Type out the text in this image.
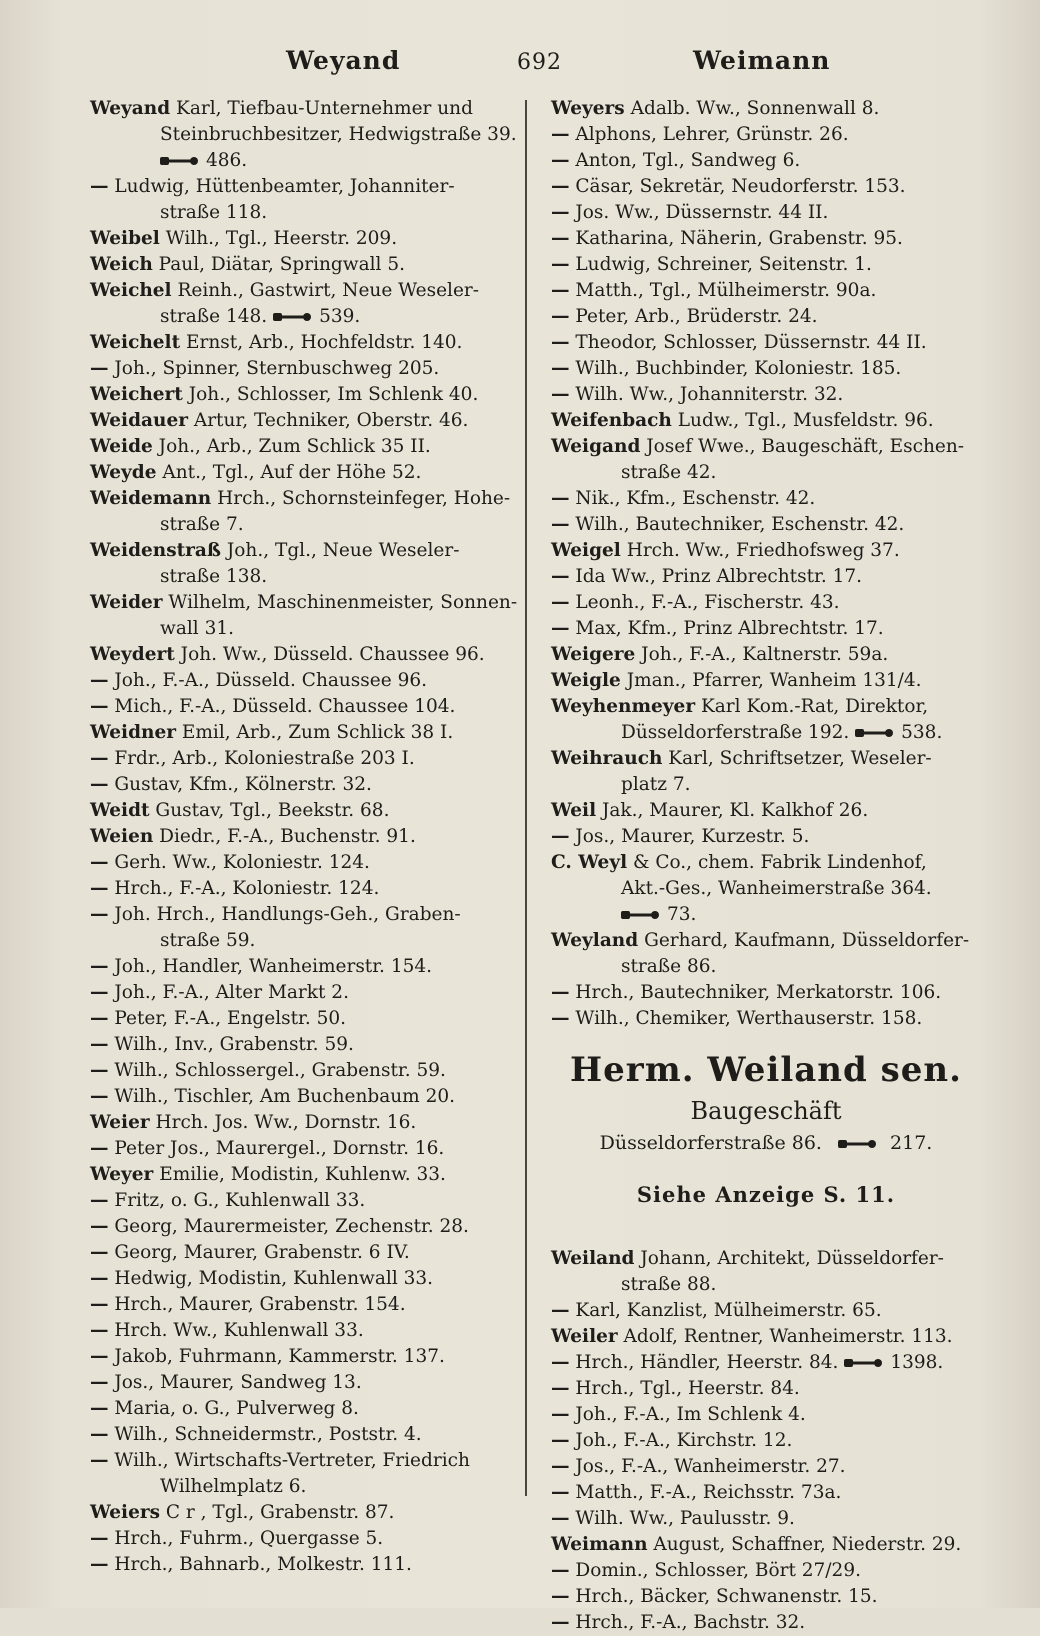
Weyand	692	Weimann
Weyand Karl, Tiefbau-Unternehmer und
Steinbruchbesitzer, Hedwigstraße 39.
486.
— Ludwig, Hüttenbeamter, Johanniter-
straße 118.
Weibel Wilh., Tgl., Heerstr. 209.
Weich Paul, Diätar, Springwall 5.
Weichel Reinh., Gastwirt, Neue Weseler-
straße 148.	539.
Weichelt Ernst, Arb., Hochfeldstr. 140.
— Joh., Spinner, Sternbuschweg 205.
Weichert Joh., Schlosser, Im Schlenk 40.
Weidauer Artur, Techniker, Oberstr. 46.
Weide Joh., Arb., Zum Schlick 35 II.
Weyde Ant., Tgl., Auf der Höhe 52.
Weidemann Hrch., Schornsteinfeger, Hohe-
straße 7.
Weidenstraß Joh., Tgl., Neue Weseler-
straße 138.
Weider Wilhelm, Maschinenmeister, Sonnen-
wall 31.
Weydert Joh. Ww., Düsseld. Chaussee 96.
— Joh., F.-A., Düsseld. Chaussee 96.
— Mich., F.-A., Düsseld. Chaussee 104.
Weidner Emil, Arb., Zum Schlick 38 I.
— Frdr., Arb., Koloniestraße 203 I.
— Gustav, Kfm., Kölnerstr. 32.
Weidt Gustav, Tgl., Beekstr. 68.
Weien Diedr., F.-A., Buchenstr. 91.
— Gerh. Ww., Koloniestr. 124.
— Hrch., F.-A., Koloniestr. 124.
— Joh. Hrch., Handlungs-Geh., Graben-
straße 59.
— Joh., Handler, Wanheimerstr. 154.
— Joh., F.-A., Alter Markt 2.
— Peter, F.-A., Engelstr. 50.
— Wilh., Inv., Grabenstr. 59.
— Wilh., Schlossergel., Grabenstr. 59.
— Wilh., Tischler, Am Buchenbaum 20.
Weier Hrch. Jos. Ww., Dornstr. 16.
— Peter Jos., Maurergel., Dornstr. 16.
Weyer Emilie, Modistin, Kuhlenw. 33.
— Fritz, o. G., Kuhlenwall 33.
— Georg, Maurermeister, Zechenstr. 28.
— Georg, Maurer, Grabenstr. 6 IV.
— Hedwig, Modistin, Kuhlenwall 33.
— Hrch., Maurer, Grabenstr. 154.
— Hrch. Ww., Kuhlenwall 33.
— Jakob, Fuhrmann, Kammerstr. 137.
— Jos., Maurer, Sandweg 13.
— Maria, o. G., Pulverweg 8.
— Wilh., Schneidermstr., Poststr. 4.
— Wilh., Wirtschafts-Vertreter, Friedrich
Wilhelmplatz 6.
Weiers C r , Tgl., Grabenstr. 87.
— Hrch., Fuhrm., Quergasse 5.
— Hrch., Bahnarb., Molkestr. 111.
Weyers Adalb. Ww., Sonnenwall 8.
— Alphons, Lehrer, Grünstr. 26.
— Anton, Tgl., Sandweg 6.
— Cäsar, Sekretär, Neudorferstr. 153.
— Jos. Ww., Düssernstr. 44 II.
— Katharina, Näherin, Grabenstr. 95.
— Ludwig, Schreiner, Seitenstr. 1.
— Matth., Tgl., Mülheimerstr. 90a.
— Peter, Arb., Brüderstr. 24.
— Theodor, Schlosser, Düssernstr. 44 II.
— Wilh., Buchbinder, Koloniestr. 185.
— Wilh. Ww., Johanniterstr. 32.
Weifenbach Ludw., Tgl., Musfeldstr. 96.
Weigand Josef Wwe., Baugeschäft, Eschen-
straße 42.
— Nik., Kfm., Eschenstr. 42.
— Wilh., Bautechniker, Eschenstr. 42.
Weigel Hrch. Ww., Friedhofsweg 37.
— Ida Ww., Prinz Albrechtstr. 17.
— Leonh., F.-A., Fischerstr. 43.
— Max, Kfm., Prinz Albrechtstr. 17.
Weigere Joh., F.-A., Kaltnerstr. 59a.
Weigle Jman., Pfarrer, Wanheim 131/4.
Weyhenmeyer Karl Kom.-Rat, Direktor,
Düsseldorferstraße 192.	538.
Weihrauch Karl, Schriftsetzer, Weseler-
platz 7.
Weil Jak., Maurer, Kl. Kalkhof 26.
— Jos., Maurer, Kurzestr. 5.
C. Weyl & Co., chem. Fabrik Lindenhof,
Akt.-Ges., Wanheimerstraße 364.
73.
Weyland Gerhard, Kaufmann, Düsseldorfer-
straße 86.
— Hrch., Bautechniker, Merkatorstr. 106.
— Wilh., Chemiker, Werthauserstr. 158.
Herm. Weiland sen.
Baugeschäft
Düsseldorferstraße 86.	217.
Siehe Anzeige S. 11.
Weiland Johann, Architekt, Düsseldorfer-
straße 88.
— Karl, Kanzlist, Mülheimerstr. 65.
Weiler Adolf, Rentner, Wanheimerstr. 113.
— Hrch., Händler, Heerstr. 84.	1398.
— Hrch., Tgl., Heerstr. 84.
— Joh., F.-A., Im Schlenk 4.
— Joh., F.-A., Kirchstr. 12.
— Jos., F.-A., Wanheimerstr. 27.
— Matth., F.-A., Reichsstr. 73a.
— Wilh. Ww., Paulusstr. 9.
Weimann August, Schaffner, Niederstr. 29.
— Domin., Schlosser, Bört 27/29.
— Hrch., Bäcker, Schwanenstr. 15.
— Hrch., F.-A., Bachstr. 32.
